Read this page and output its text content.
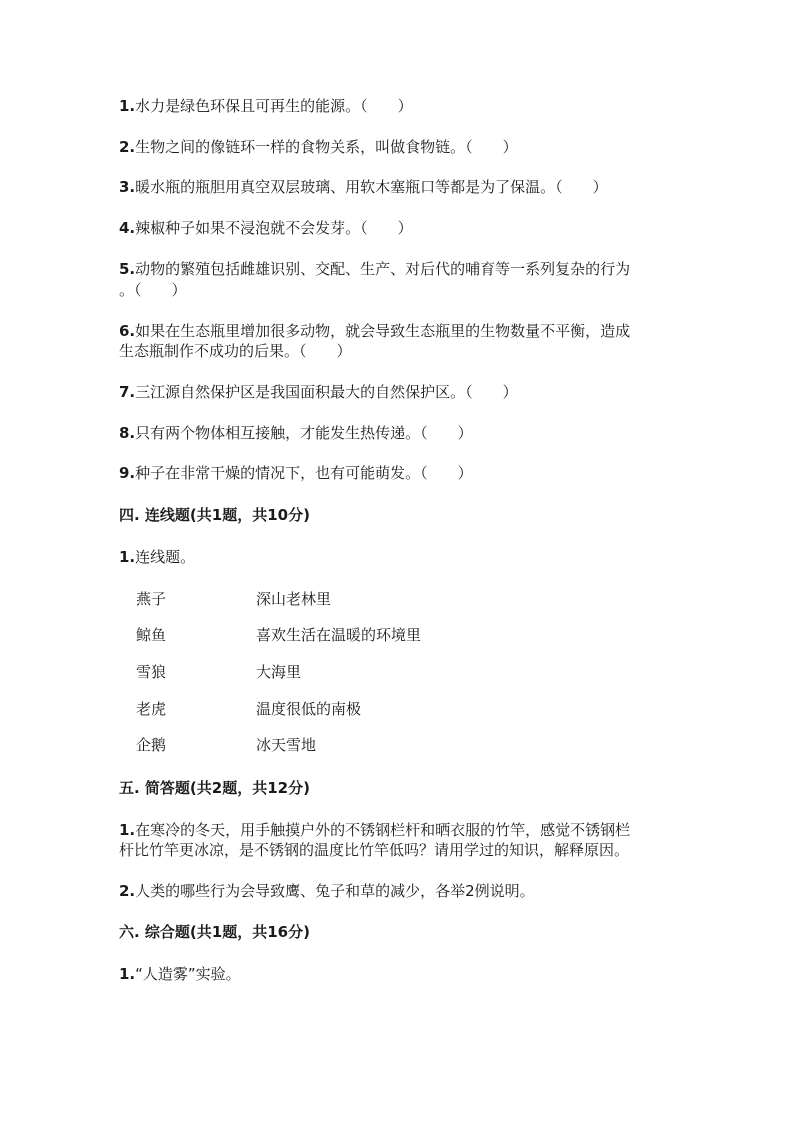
1.水力是绿色环保且可再生的能源。（　　）
2.生物之间的像链环一样的食物关系，叫做食物链。（　　）
3.暖水瓶的瓶胆用真空双层玻璃、用软木塞瓶口等都是为了保温。（　　）
4.辣椒种子如果不浸泡就不会发芽。（　　）
5.动物的繁殖包括雌雄识别、交配、生产、对后代的哺育等一系列复杂的行为
。（　　）
6.如果在生态瓶里增加很多动物，就会导致生态瓶里的生物数量不平衡，造成
生态瓶制作不成功的后果。（　　）
7.三江源自然保护区是我国面积最大的自然保护区。（　　）
8.只有两个物体相互接触，才能发生热传递。（　　）
9.种子在非常干燥的情况下，也有可能萌发。（　　）
四. 连线题(共1题，共10分)
1.连线题。
燕子	深山老林里
鲸鱼	喜欢生活在温暖的环境里
雪狼	大海里
老虎	温度很低的南极
企鹅	冰天雪地
五. 简答题(共2题，共12分)
1.在寒冷的冬天，用手触摸户外的不锈钢栏杆和晒衣服的竹竿，感觉不锈钢栏
杆比竹竿更冰凉，是不锈钢的温度比竹竿低吗？请用学过的知识，解释原因。
2.人类的哪些行为会导致鹰、兔子和草的减少，各举2例说明。
六. 综合题(共1题，共16分)
1.“人造雾”实验。
